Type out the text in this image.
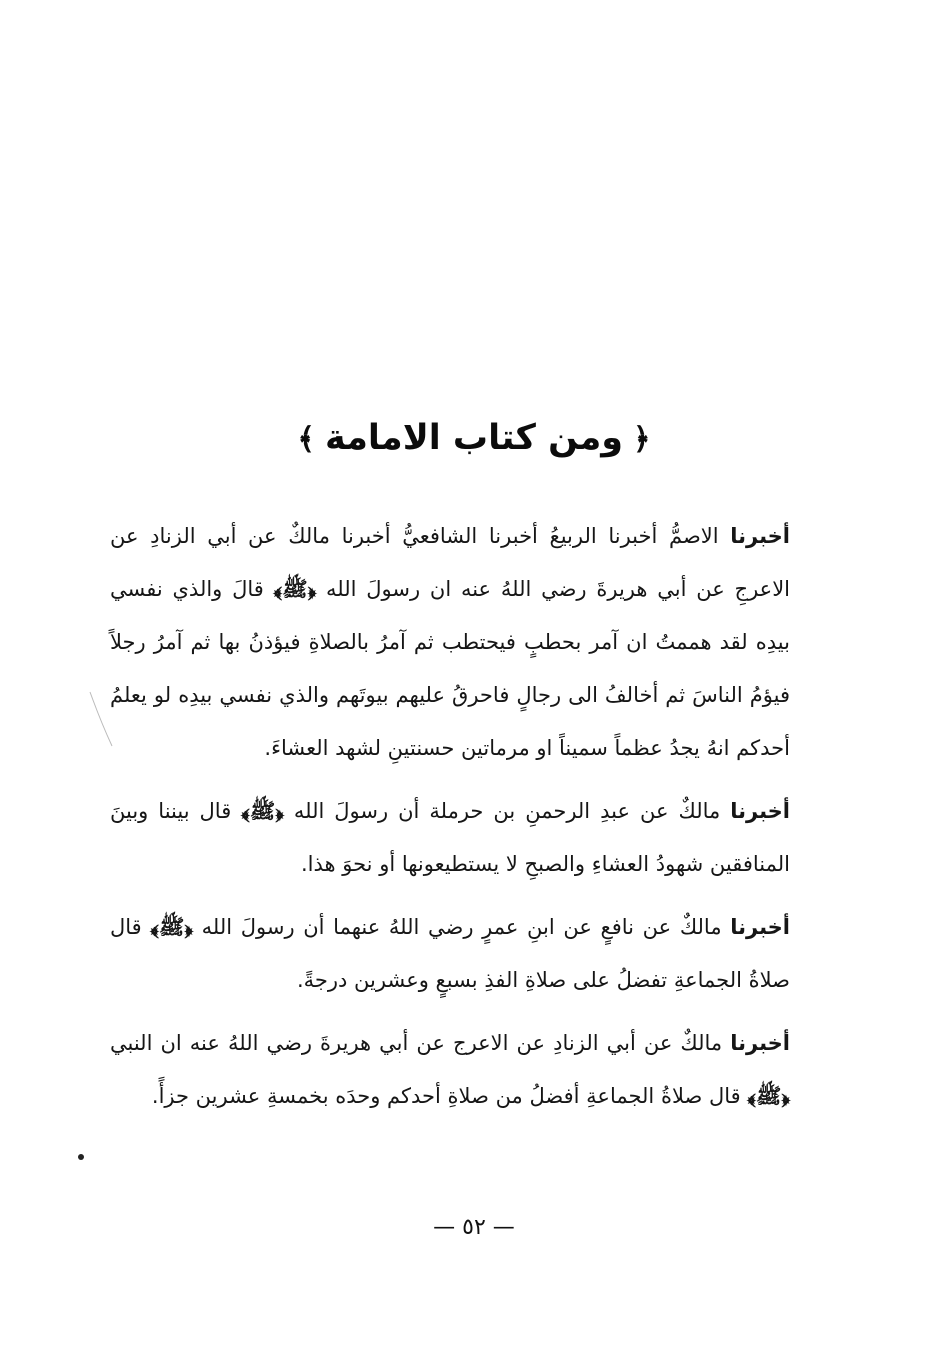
﴿ومن كتاب الامامة﴾

أخبرنا الاصمُّ أخبرنا الربيعُ أخبرنا الشافعيُّ أخبرنا مالكٌ عن أبي الزنادِ عن الاعرجِ عن أبي هريرةَ رضي اللهُ عنه ان رسولَ الله ﴿ﷺ﴾ قالَ والذي نفسي بيدِه لقد هممتُ ان آمر بحطبٍ فيحتطب ثم آمرُ بالصلاةِ فيؤذنُ بها ثم آمرُ رجلاً فيؤمُ الناسَ ثم أخالفُ الى رجالٍ فاحرقُ عليهم بيوتَهم والذي نفسي بيدِه لو يعلمُ أحدكم انهُ يجدُ عظماً سميناً او مرماتين حسنتينِ لشهد العشاءَ.

أخبرنا مالكٌ عن عبدِ الرحمنِ بن حرملة أن رسولَ الله ﴿ﷺ﴾ قال بيننا وبينَ المنافقين شهودُ العشاءِ والصبحِ لا يستطيعونها أو نحوَ هذا.

أخبرنا مالكٌ عن نافعٍ عن ابنِ عمرٍ رضي اللهُ عنهما أن رسولَ الله ﴿ﷺ﴾ قال صلاةُ الجماعةِ تفضلُ على صلاةِ الفذِ بسبعٍ وعشرين درجةً.

أخبرنا مالكٌ عن أبي الزنادِ عن الاعرج عن أبي هريرةَ رضي اللهُ عنه ان النبي ﴿ﷺ﴾ قال صلاةُ الجماعةِ أفضلُ من صلاةِ أحدكم وحدَه بخمسةِ عشرين جزأً.

— ٥٢ —
